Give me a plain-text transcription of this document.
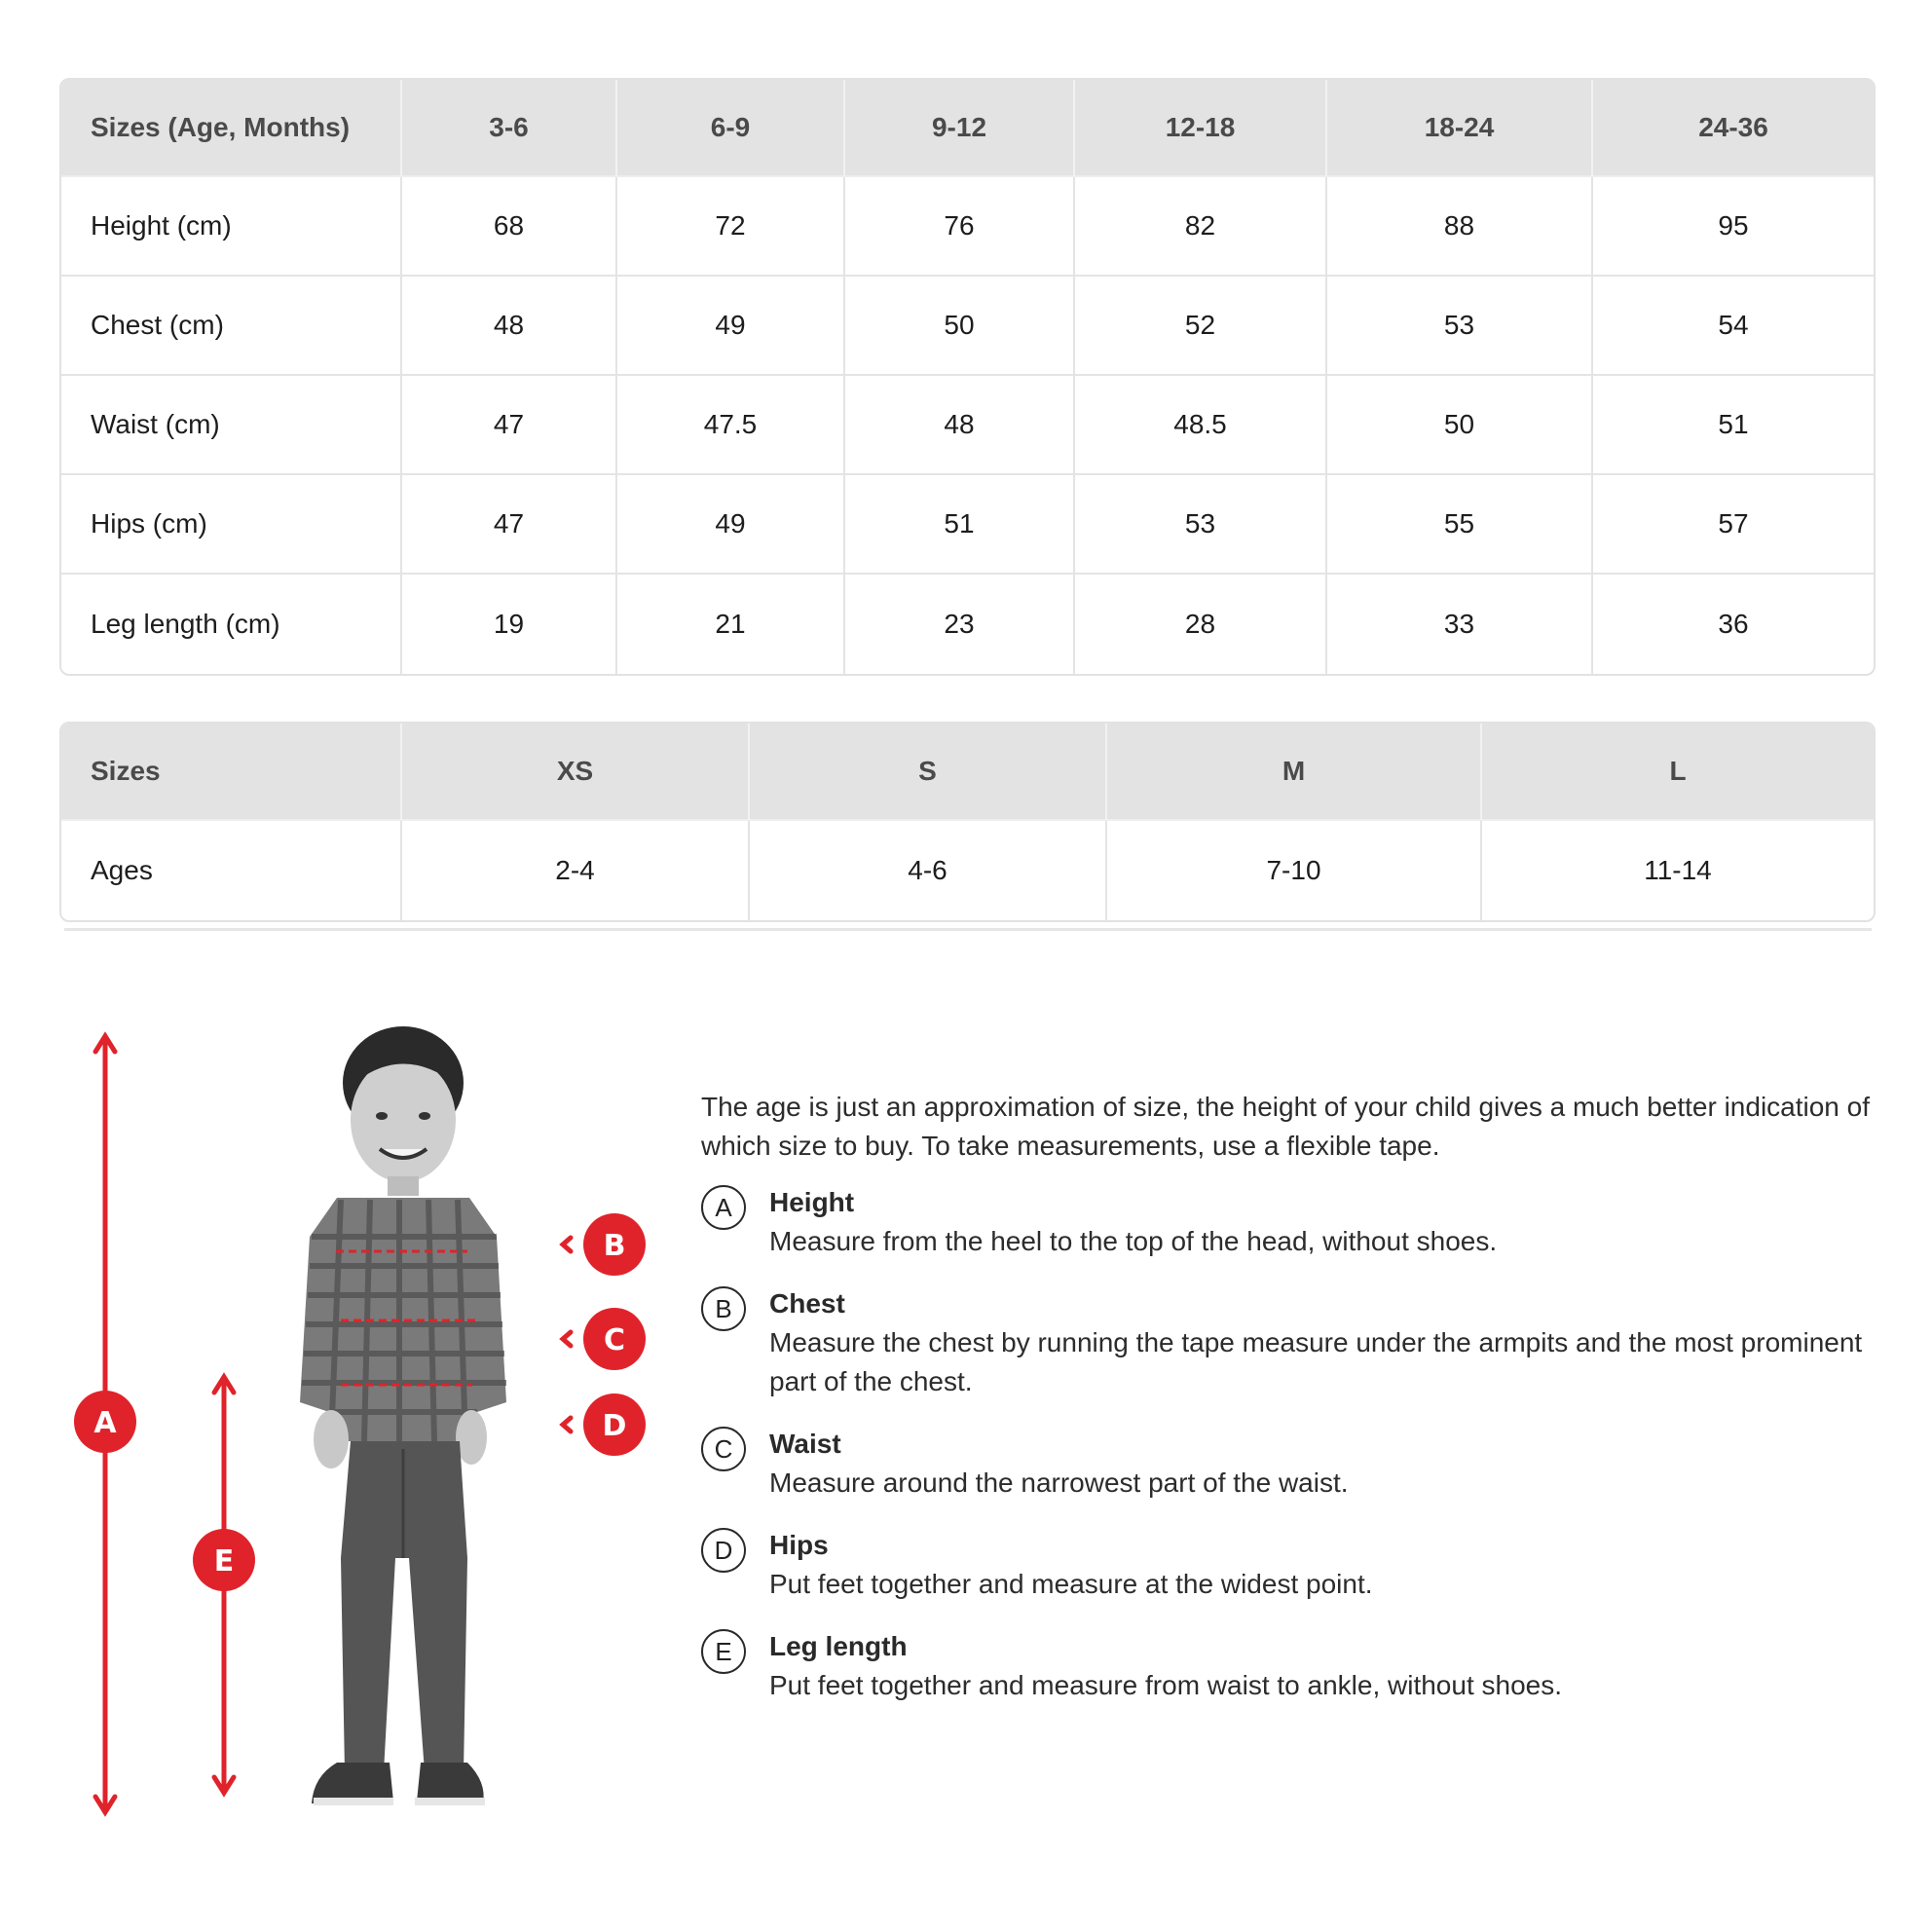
Sizes (Age, Months)	3-6	6-9	9-12	12-18	18-24	24-36
Height (cm)	68	72	76	82	88	95
Chest (cm)	48	49	50	52	53	54
Waist (cm)	47	47.5	48	48.5	50	51
Hips (cm)	47	49	51	53	55	57
Leg length (cm)	19	21	23	28	33	36
Sizes	XS	S	M	L
Ages	2-4	4-6	7-10	11-14
A
E
B
C
D

The age is just an approximation of size, the height of your child gives a much better indication of which size to buy. To take measurements, use a flexible tape.

A	Height
Measure from the heel to the top of the head, without shoes.
B	Chest
Measure the chest by running the tape measure under the armpits and the most prominent part of the chest.
C	Waist
Measure around the narrowest part of the waist.
D	Hips
Put feet together and measure at the widest point.
E	Leg length
Put feet together and measure from waist to ankle, without shoes.
